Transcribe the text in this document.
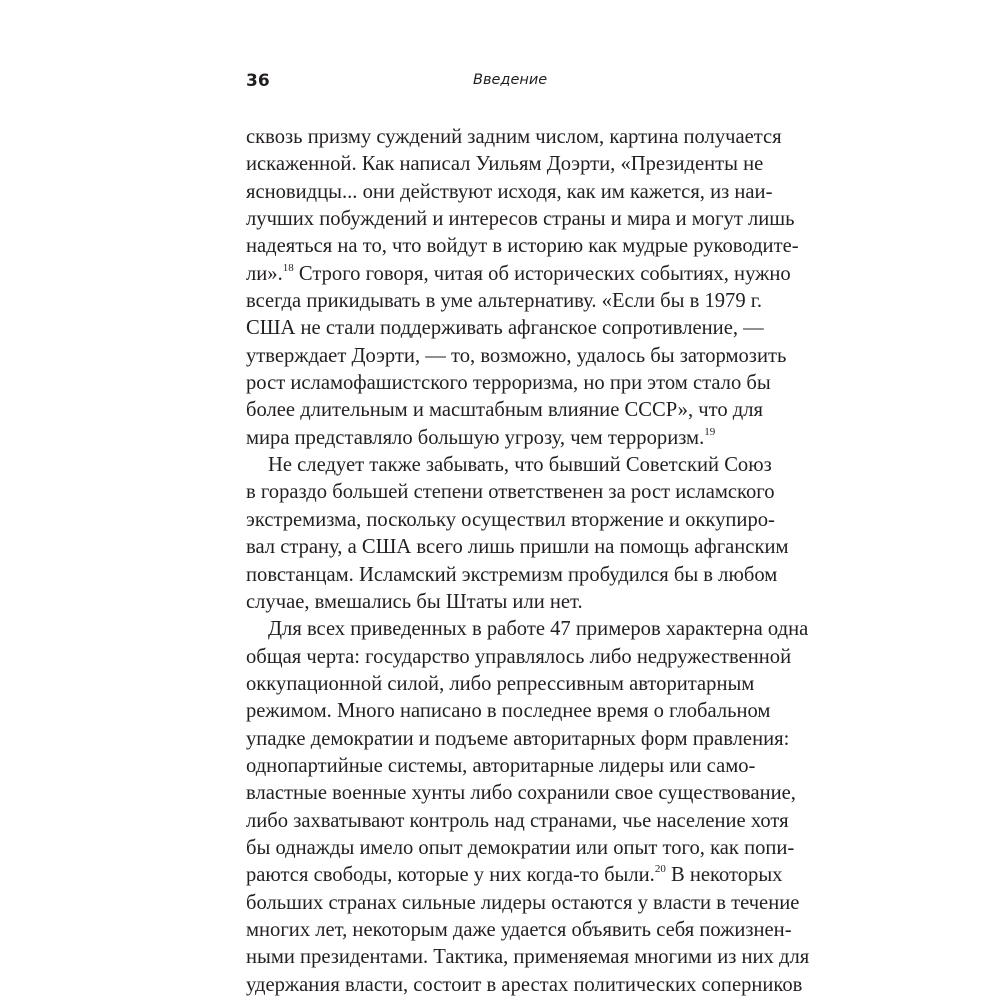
36	Введение
сквозь призму суждений задним числом, картина получается
искаженной. Как написал Уильям Доэрти, «Президенты не
ясновидцы... они действуют исходя, как им кажется, из наи-
лучших побуждений и интересов страны и мира и могут лишь
надеяться на то, что войдут в историю как мудрые руководите-
ли».$^{18}$ Строго говоря, читая об исторических событиях, нужно
всегда прикидывать в уме альтернативу. «Если бы в 1979 г.
США не стали поддерживать афганское сопротивление, —
утверждает Доэрти, — то, возможно, удалось бы затормозить
рост исламофашистского терроризма, но при этом стало бы
более длительным и масштабным влияние СССР», что для
мира представляло большую угрозу, чем терроризм.$^{19}$
Не следует также забывать, что бывший Советский Союз
в гораздо большей степени ответственен за рост исламского
экстремизма, поскольку осуществил вторжение и оккупиро-
вал страну, а США всего лишь пришли на помощь афганским
повстанцам. Исламский экстремизм пробудился бы в любом
случае, вмешались бы Штаты или нет.
Для всех приведенных в работе 47 примеров характерна одна
общая черта: государство управлялось либо недружественной
оккупационной силой, либо репрессивным авторитарным
режимом. Много написано в последнее время о глобальном
упадке демократии и подъеме авторитарных форм правления:
однопартийные системы, авторитарные лидеры или само-
властные военные хунты либо сохранили свое существование,
либо захватывают контроль над странами, чье население хотя
бы однажды имело опыт демократии или опыт того, как попи-
раются свободы, которые у них когда-то были.$^{20}$ В некоторых
больших странах сильные лидеры остаются у власти в течение
многих лет, некоторым даже удается объявить себя пожизнен-
ными президентами. Тактика, применяемая многими из них для
удержания власти, состоит в арестах политических соперников
